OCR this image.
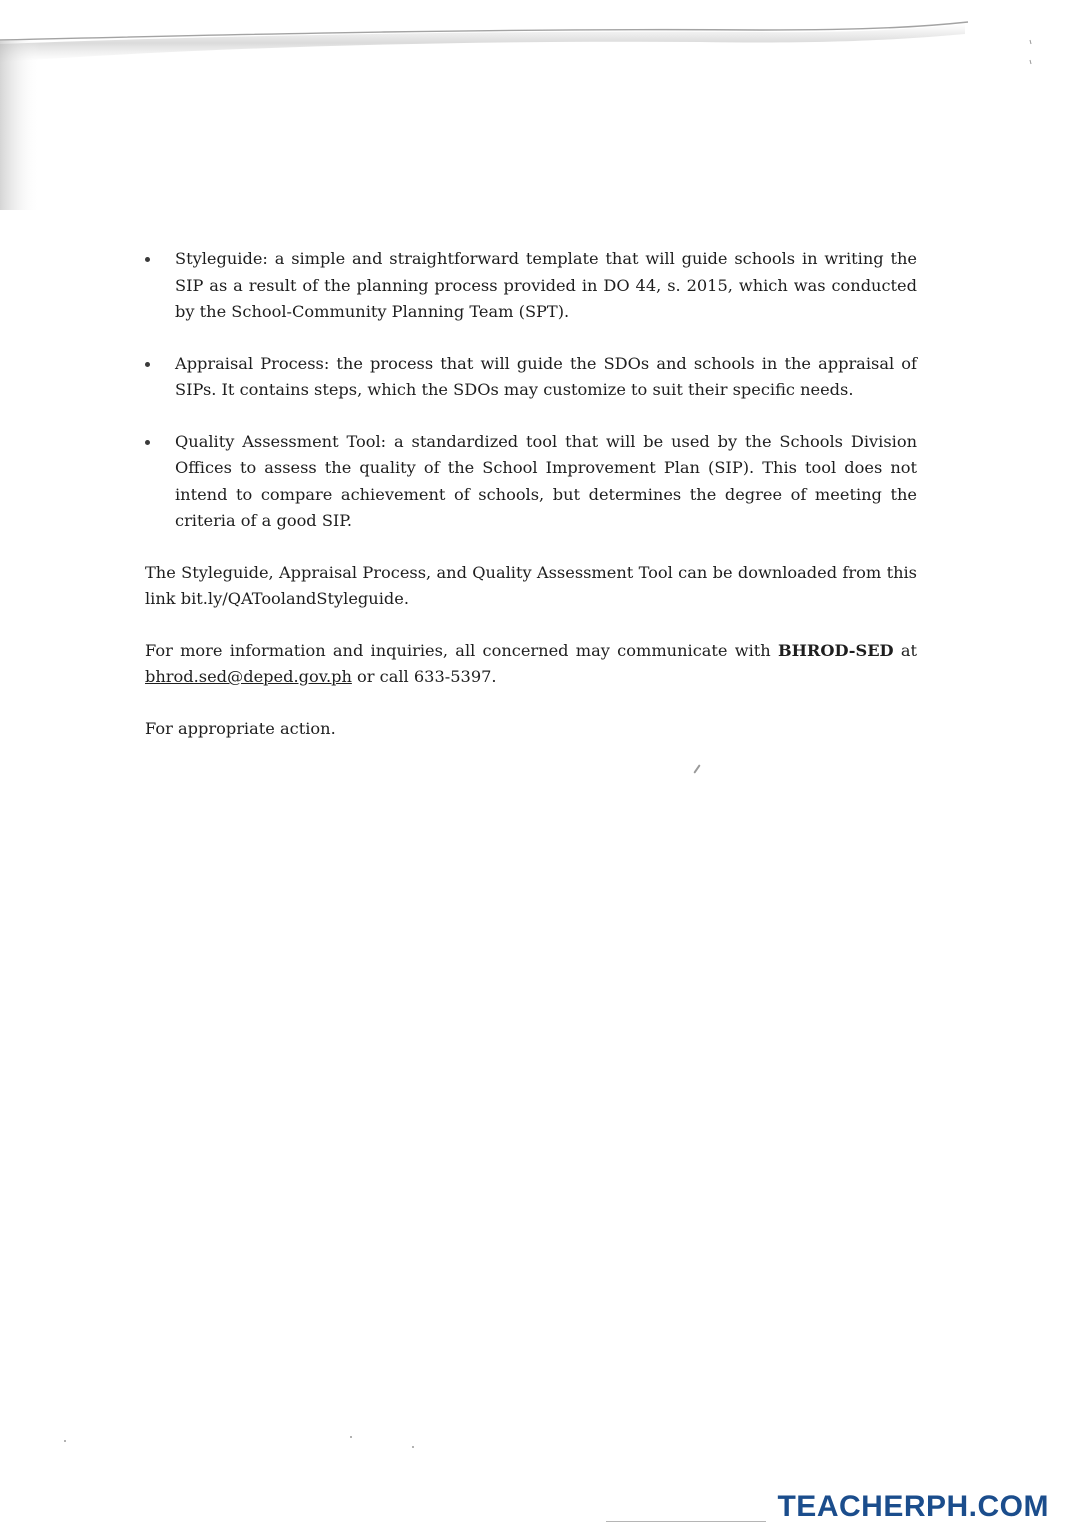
Styleguide: a simple and straightforward template that will guide schools in writing the SIP as a result of the planning process provided in DO 44, s. 2015, which was conducted by the School-Community Planning Team (SPT).
Appraisal Process: the process that will guide the SDOs and schools in the appraisal of SIPs. It contains steps, which the SDOs may customize to suit their specific needs.
Quality Assessment Tool: a standardized tool that will be used by the Schools Division Offices to assess the quality of the School Improvement Plan (SIP). This tool does not intend to compare achievement of schools, but determines the degree of meeting the criteria of a good SIP.

The Styleguide, Appraisal Process, and Quality Assessment Tool can be downloaded from this link bit.ly/QAToolandStyleguide.

For more information and inquiries, all concerned may communicate with BHROD-SED at bhrod.sed@deped.gov.ph or call 633-5397.

For appropriate action.

TEACHERPH.COM
